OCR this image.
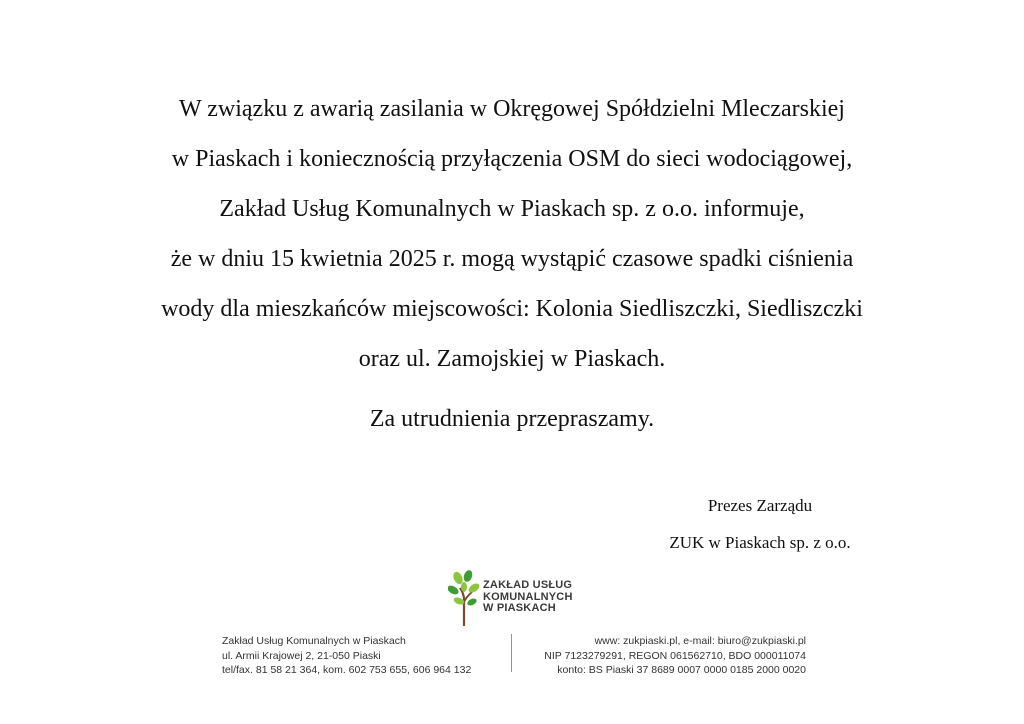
W związku z awarią zasilania w Okręgowej Spółdzielni Mleczarskiej
w Piaskach i koniecznością przyłączenia OSM do sieci wodociągowej,
Zakład Usług Komunalnych w Piaskach sp. z o.o. informuje,
że w dniu 15 kwietnia 2025 r. mogą wystąpić czasowe spadki ciśnienia
wody dla mieszkańców miejscowości: Kolonia Siedliszczki, Siedliszczki
oraz ul. Zamojskiej w Piaskach.
Za utrudnienia przepraszamy.
Prezes Zarządu
ZUK w Piaskach sp. z o.o.
ZAKŁAD USŁUG
KOMUNALNYCH
W PIASKACH
Zakład Usług Komunalnych w Piaskach
ul. Armii Krajowej 2, 21-050 Piaski
tel/fax. 81 58 21 364, kom. 602 753 655, 606 964 132
www: zukpiaski.pl, e-mail: biuro@zukpiaski.pl
NIP 7123279291, REGON 061562710, BDO 000011074
konto: BS Piaski 37 8689 0007 0000 0185 2000 0020
